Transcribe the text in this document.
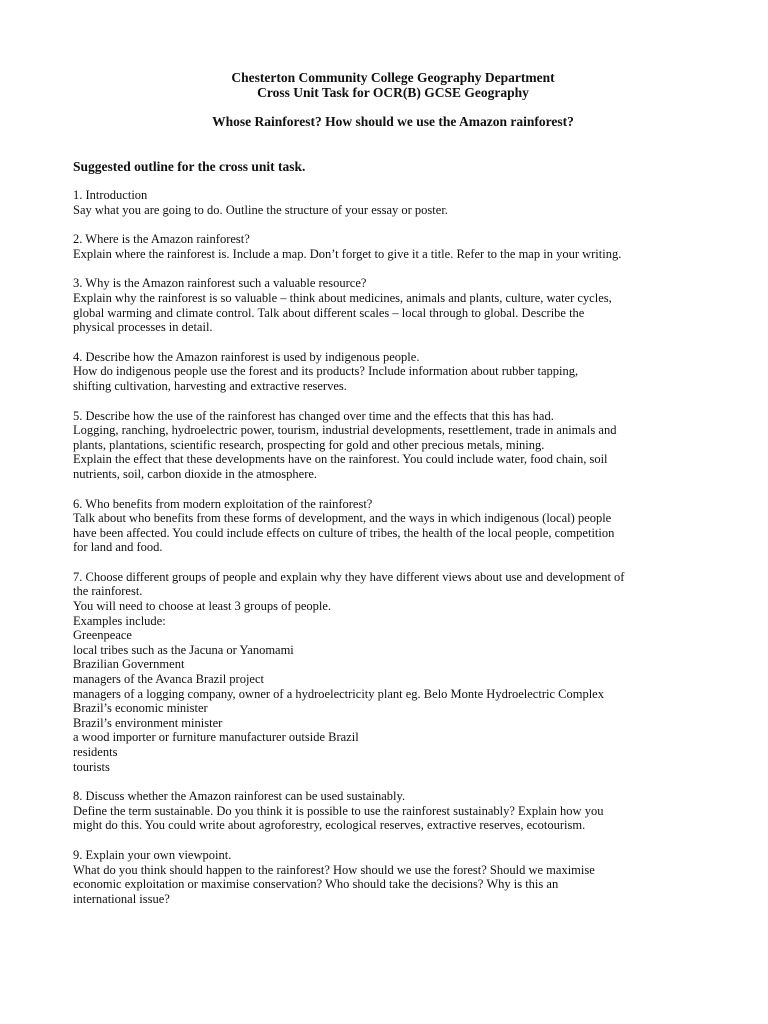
Chesterton Community College Geography Department

Cross Unit Task for OCR(B) GCSE Geography

Whose Rainforest? How should we use the Amazon rainforest?

Suggested outline for the cross unit task.

1. Introduction

Say what you are going to do. Outline the structure of your essay or poster.

2. Where is the Amazon rainforest?

Explain where the rainforest is. Include a map. Don’t forget to give it a title. Refer to the map in your writing.

3. Why is the Amazon rainforest such a valuable resource?

Explain why the rainforest is so valuable – think about medicines, animals and plants, culture, water cycles,

global warming and climate control. Talk about different scales – local through to global. Describe the

physical processes in detail.

4. Describe how the Amazon rainforest is used by indigenous people.

How do indigenous people use the forest and its products? Include information about rubber tapping,

shifting cultivation, harvesting and extractive reserves.

5. Describe how the use of the rainforest has changed over time and the effects that this has had.

Logging, ranching, hydroelectric power, tourism, industrial developments, resettlement, trade in animals and

plants, plantations, scientific research, prospecting for gold and other precious metals, mining.

Explain the effect that these developments have on the rainforest. You could include water, food chain, soil

nutrients, soil, carbon dioxide in the atmosphere.

6. Who benefits from modern exploitation of the rainforest?

Talk about who benefits from these forms of development, and the ways in which indigenous (local) people

have been affected. You could include effects on culture of tribes, the health of the local people, competition

for land and food.

7. Choose different groups of people and explain why they have different views about use and development of

the rainforest.

You will need to choose at least 3 groups of people.

Examples include:

Greenpeace

local tribes such as the Jacuna or Yanomami

Brazilian Government

managers of the Avanca Brazil project

managers of a logging company, owner of a hydroelectricity plant eg. Belo Monte Hydroelectric Complex

Brazil’s economic minister

Brazil’s environment minister

a wood importer or furniture manufacturer outside Brazil

residents

tourists

8. Discuss whether the Amazon rainforest can be used sustainably.

Define the term sustainable. Do you think it is possible to use the rainforest sustainably? Explain how you

might do this. You could write about agroforestry, ecological reserves, extractive reserves, ecotourism.

9. Explain your own viewpoint.

What do you think should happen to the rainforest? How should we use the forest? Should we maximise

economic exploitation or maximise conservation? Who should take the decisions? Why is this an

international issue?
